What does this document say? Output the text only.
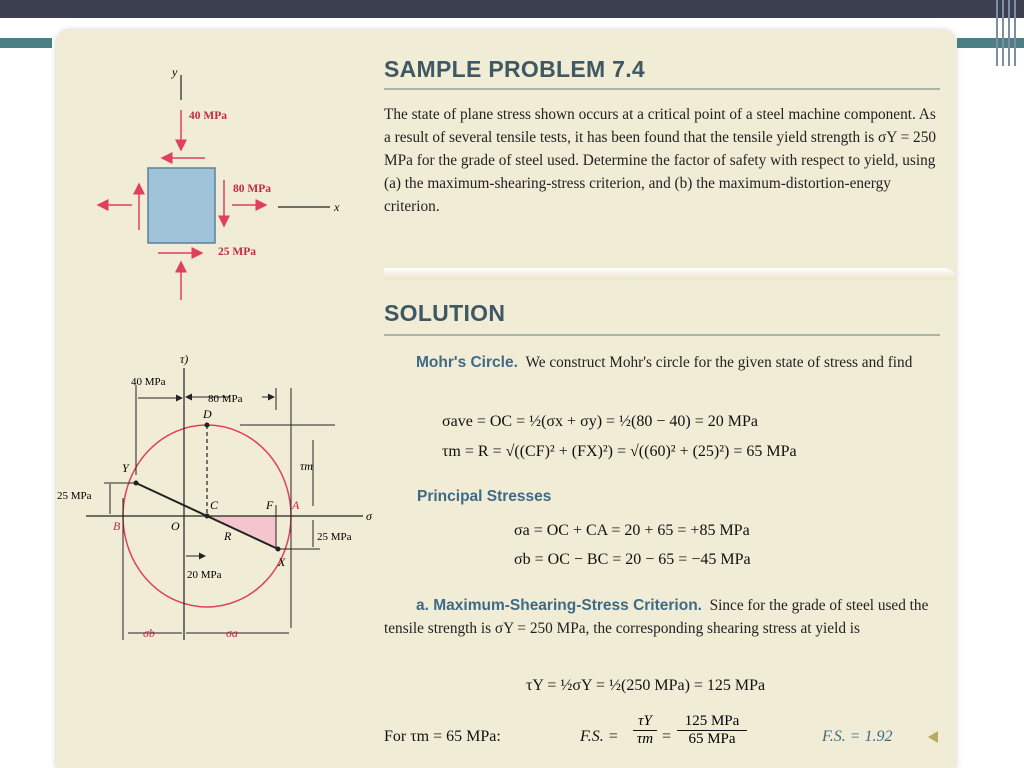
y
x
40 MPa
80 MPa
25 MPa
σ
τ)
40 MPa
80 MPa
τm
25 MPa
25 MPa
20 MPa
σb	σa
D
Y
C	F A
B	O
R
X
SAMPLE PROBLEM 7.4

The state of plane stress shown occurs at a critical point of a steel machine component. As a result of several tensile tests, it has been found that the tensile yield strength is σY = 250 MPa for the grade of steel used. Determine the factor of safety with respect to yield, using (a) the maximum-shearing-stress criterion, and (b) the maximum-distortion-energy criterion.

SOLUTION

Mohr's Circle. We construct Mohr's circle for the given state of stress and find

σave = OC = ½(σx + σy) = ½(80 − 40) = 20 MPa

τm = R = √((CF)² + (FX)²) = √((60)² + (25)²) = 65 MPa

Principal Stresses

σa = OC + CA = 20 + 65 = +85 MPa

σb = OC − BC = 20 − 65 = −45 MPa

a. Maximum-Shearing-Stress Criterion. Since for the grade of steel used the tensile strength is σY = 250 MPa, the corresponding shearing stress at yield is

τY = ½σY = ½(250 MPa) = 125 MPa

For τm = 65 MPa:	F.S. =

τY
τm =

125 MPa
65 MPa	F.S. = 1.92
